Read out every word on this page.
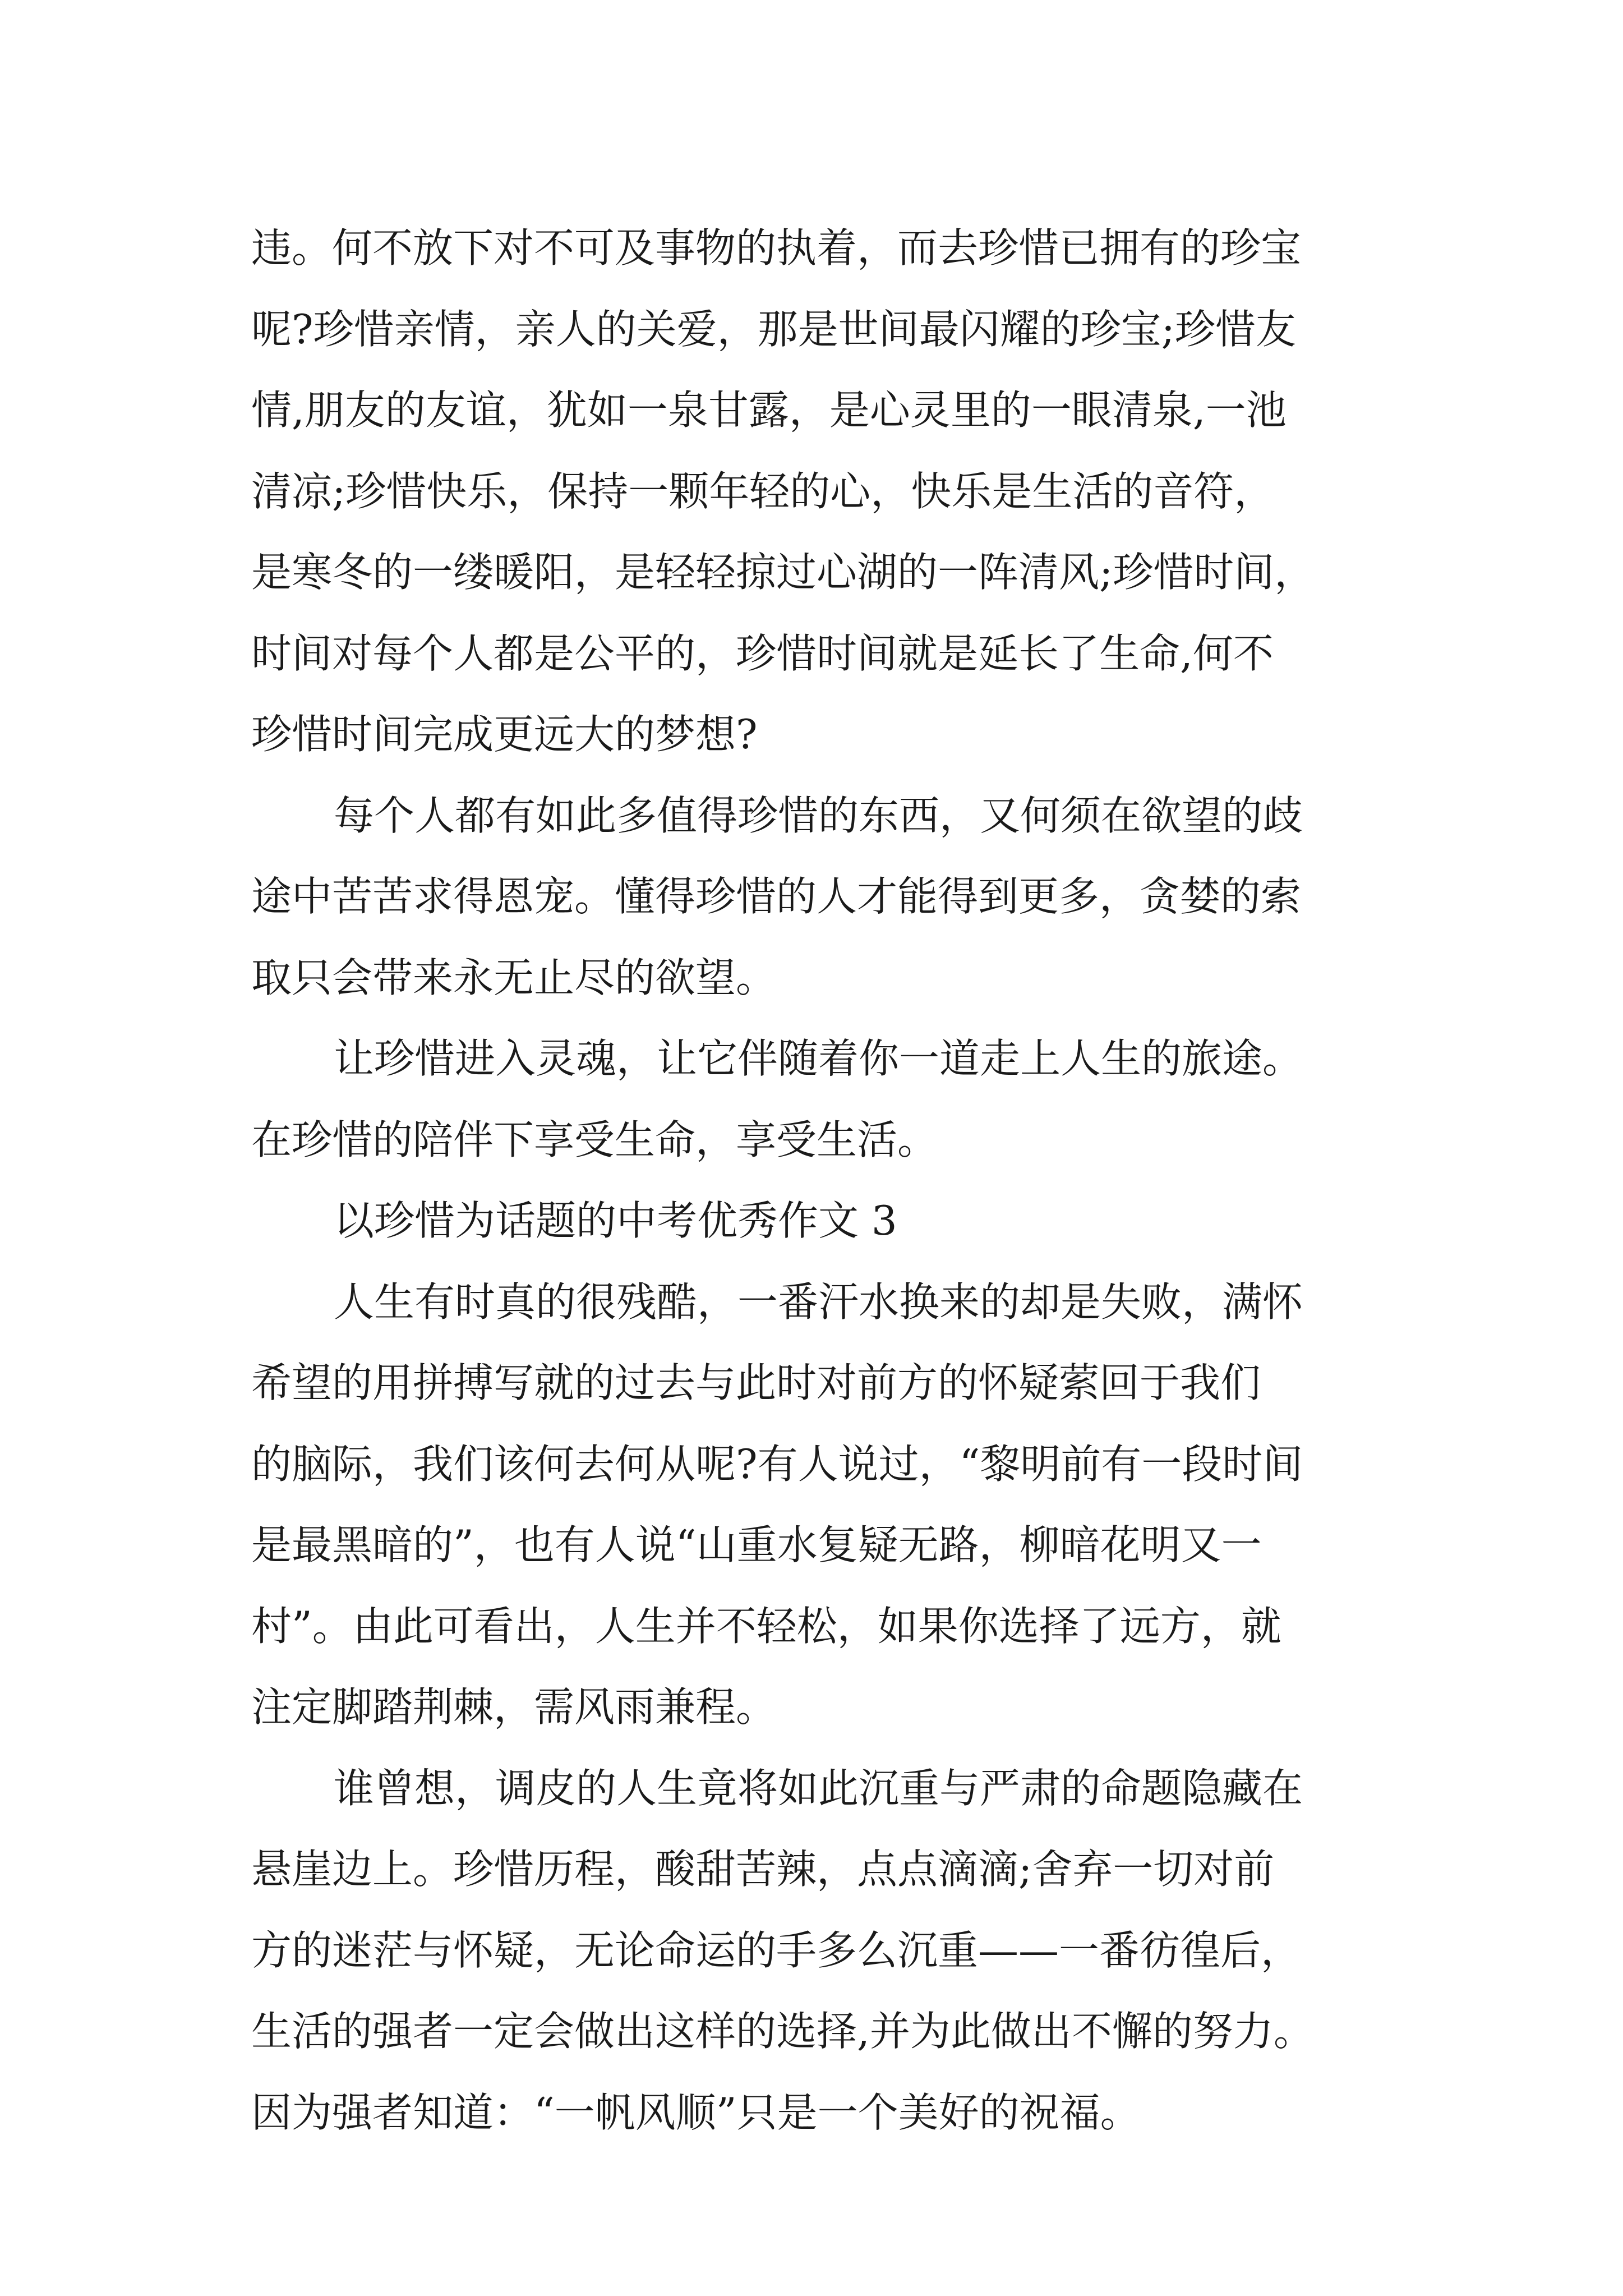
违。何不放下对不可及事物的执着，而去珍惜已拥有的珍宝
呢?珍惜亲情，亲人的关爱，那是世间最闪耀的珍宝;珍惜友
情,朋友的友谊，犹如一泉甘露，是心灵里的一眼清泉,一池
清凉;珍惜快乐，保持一颗年轻的心，快乐是生活的音符，
是寒冬的一缕暖阳，是轻轻掠过心湖的一阵清风;珍惜时间，
时间对每个人都是公平的，珍惜时间就是延长了生命,何不
珍惜时间完成更远大的梦想?
每个人都有如此多值得珍惜的东西，又何须在欲望的歧
途中苦苦求得恩宠。懂得珍惜的人才能得到更多，贪婪的索
取只会带来永无止尽的欲望。
让珍惜进入灵魂，让它伴随着你一道走上人生的旅途。
在珍惜的陪伴下享受生命，享受生活。
以珍惜为话题的中考优秀作文 3
人生有时真的很残酷，一番汗水换来的却是失败，满怀
希望的用拼搏写就的过去与此时对前方的怀疑萦回于我们
的脑际，我们该何去何从呢?有人说过，“黎明前有一段时间
是最黑暗的”，也有人说“山重水复疑无路，柳暗花明又一
村”。由此可看出，人生并不轻松，如果你选择了远方，就
注定脚踏荆棘，需风雨兼程。
谁曾想，调皮的人生竟将如此沉重与严肃的命题隐藏在
悬崖边上。珍惜历程，酸甜苦辣，点点滴滴;舍弃一切对前
方的迷茫与怀疑，无论命运的手多么沉重——一番彷徨后，
生活的强者一定会做出这样的选择,并为此做出不懈的努力。
因为强者知道：“一帆风顺”只是一个美好的祝福。
